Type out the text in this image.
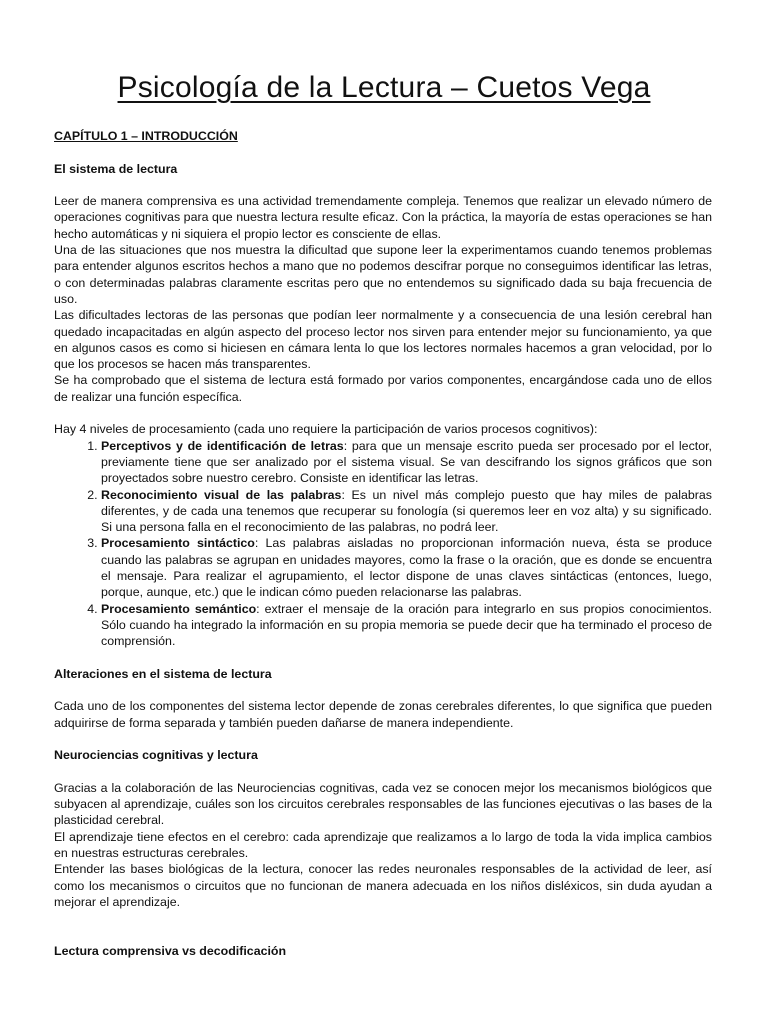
Psicología de la Lectura – Cuetos Vega

CAPÍTULO 1 – INTRODUCCIÓN

El sistema de lectura

Leer de manera comprensiva es una actividad tremendamente compleja. Tenemos que realizar un elevado número de operaciones cognitivas para que nuestra lectura resulte eficaz. Con la práctica, la mayoría de estas operaciones se han hecho automáticas y ni siquiera el propio lector es consciente de ellas.

Una de las situaciones que nos muestra la dificultad que supone leer la experimentamos cuando tenemos problemas para entender algunos escritos hechos a mano que no podemos descifrar porque no conseguimos identificar las letras, o con determinadas palabras claramente escritas pero que no entendemos su significado dada su baja frecuencia de uso.

Las dificultades lectoras de las personas que podían leer normalmente y a consecuencia de una lesión cerebral han quedado incapacitadas en algún aspecto del proceso lector nos sirven para entender mejor su funcionamiento, ya que en algunos casos es como si hiciesen en cámara lenta lo que los lectores normales hacemos a gran velocidad, por lo que los procesos se hacen más transparentes.

Se ha comprobado que el sistema de lectura está formado por varios componentes, encargándose cada uno de ellos de realizar una función específica.

Hay 4 niveles de procesamiento (cada uno requiere la participación de varios procesos cognitivos):

1. Perceptivos y de identificación de letras: para que un mensaje escrito pueda ser procesado por el lector, previamente tiene que ser analizado por el sistema visual. Se van descifrando los signos gráficos que son proyectados sobre nuestro cerebro. Consiste en identificar las letras.
2. Reconocimiento visual de las palabras: Es un nivel más complejo puesto que hay miles de palabras diferentes, y de cada una tenemos que recuperar su fonología (si queremos leer en voz alta) y su significado. Si una persona falla en el reconocimiento de las palabras, no podrá leer.
3. Procesamiento sintáctico: Las palabras aisladas no proporcionan información nueva, ésta se produce cuando las palabras se agrupan en unidades mayores, como la frase o la oración, que es donde se encuentra el mensaje. Para realizar el agrupamiento, el lector dispone de unas claves sintácticas (entonces, luego, porque, aunque, etc.) que le indican cómo pueden relacionarse las palabras.
4. Procesamiento semántico: extraer el mensaje de la oración para integrarlo en sus propios conocimientos. Sólo cuando ha integrado la información en su propia memoria se puede decir que ha terminado el proceso de comprensión.

Alteraciones en el sistema de lectura

Cada uno de los componentes del sistema lector depende de zonas cerebrales diferentes, lo que significa que pueden adquirirse de forma separada y también pueden dañarse de manera independiente.

Neurociencias cognitivas y lectura

Gracias a la colaboración de las Neurociencias cognitivas, cada vez se conocen mejor los mecanismos biológicos que subyacen al aprendizaje, cuáles son los circuitos cerebrales responsables de las funciones ejecutivas o las bases de la plasticidad cerebral.

El aprendizaje tiene efectos en el cerebro: cada aprendizaje que realizamos a lo largo de toda la vida implica cambios en nuestras estructuras cerebrales.

Entender las bases biológicas de la lectura, conocer las redes neuronales responsables de la actividad de leer, así como los mecanismos o circuitos que no funcionan de manera adecuada en los niños disléxicos, sin duda ayudan a mejorar el aprendizaje.

Lectura comprensiva vs decodificación
